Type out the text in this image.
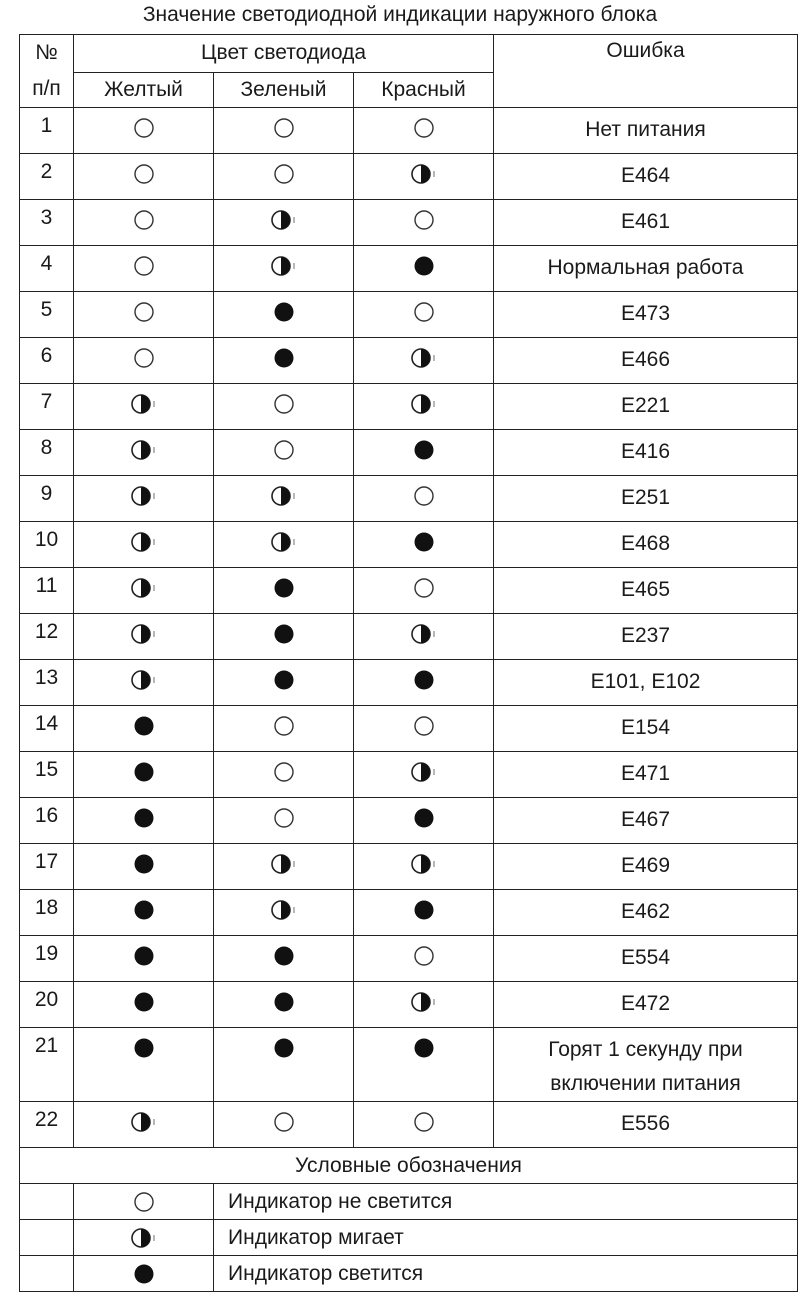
Значение светодиодной индикации наружного блока
№
п/п	Цвет светодиода			Ошибка
	Желтый	Зеленый	Красный	
1				Нет питания

2				E464

3				E461

4				Нормальная работа

5				E473

6				E466

7				E221

8				E416

9				E251

10				E468

11				E465

12				E237

13				E101, E102

14				E154

15				E471

16				E467

17				E469

18				E462

19				E554

20				E472

21				Горят 1 секунду при
включении питания

22				E556

Условные обозначения				
		Индикатор не светится		
		Индикатор мигает		
		Индикатор светится		
